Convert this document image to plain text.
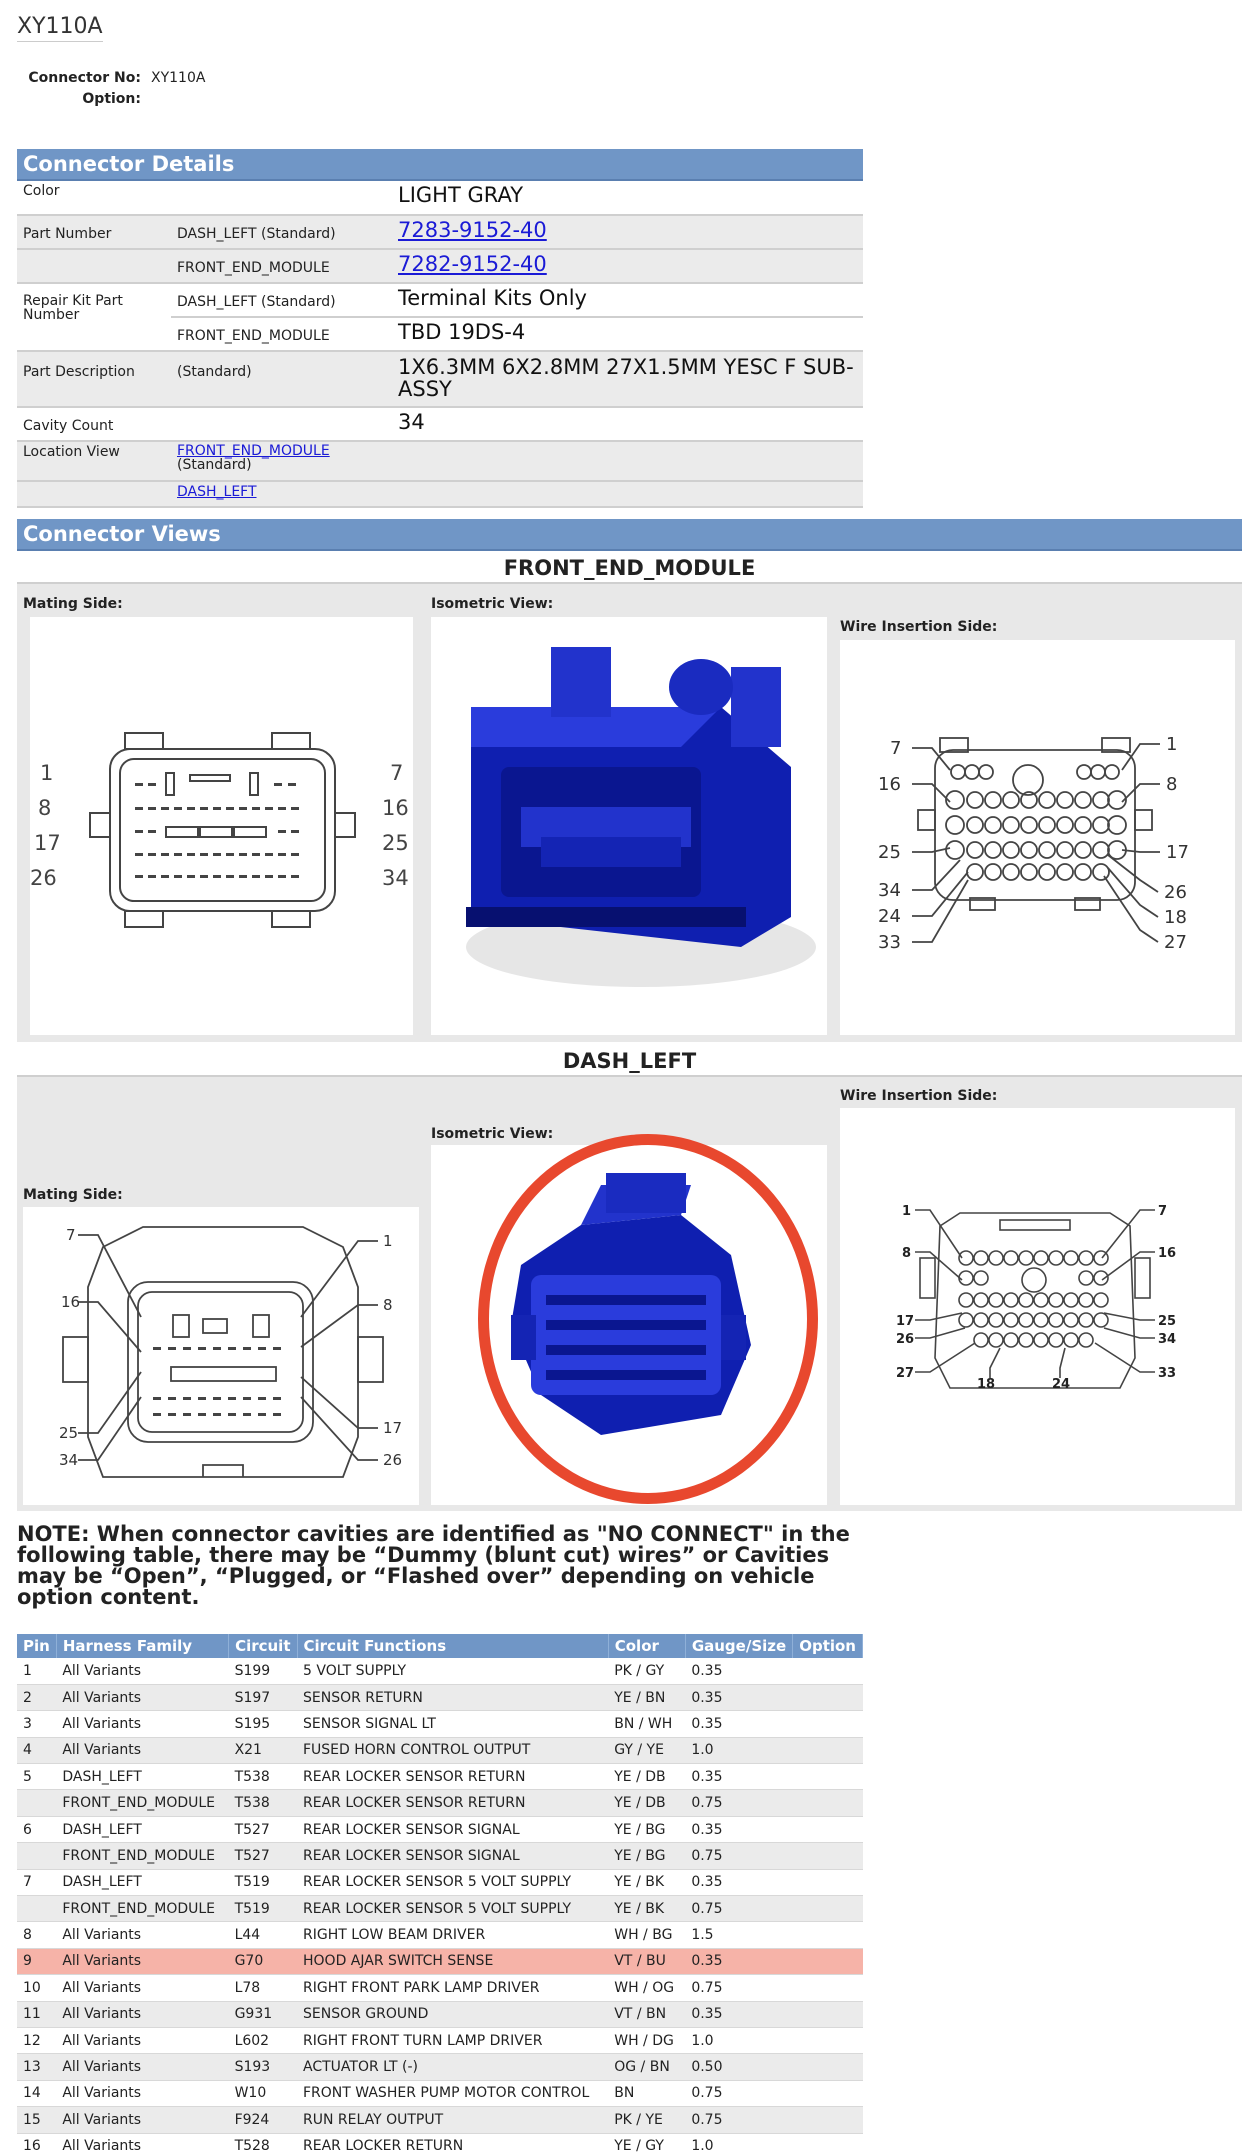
XY110A
Connector No: XY110A
Option:
Connector Details
Color		LIGHT GRAY
Part Number	DASH_LEFT (Standard)	7283-9152-40
	FRONT_END_MODULE	7282-9152-40
Repair Kit Part Number	DASH_LEFT (Standard)	Terminal Kits Only
	FRONT_END_MODULE	TBD 19DS-4
Part Description	(Standard)	1X6.3MM 6X2.8MM 27X1.5MM YESC F SUB-ASSY
Cavity Count		34
Location View	FRONT_END_MODULE
(Standard)	
	DASH_LEFT	
Connector Views
FRONT_END_MODULE
Mating Side:	Isometric View:
Wire Insertion Side:
1
8
17
26
7
16
25
34
7
16
25
34
24
33
1
8
17
26
18
27
DASH_LEFT
Mating Side:
Isometric View:
Wire Insertion Side:
7
16
25
34
1
8
17
26
1
8
17
26
27
18
7
16
25
34
33
24
NOTE: When connector cavities are identified as "NO CONNECT" in the following table, there may be “Dummy (blunt cut) wires” or Cavities may be “Open”, “Plugged, or “Flashed over” depending on vehicle option content.
Pin	Harness Family	Circuit	Circuit Functions	Color	Gauge/Size	Option
1	All Variants	S199	5 VOLT SUPPLY	PK / GY	0.35	
2	All Variants	S197	SENSOR RETURN	YE / BN	0.35	
3	All Variants	S195	SENSOR SIGNAL LT	BN / WH	0.35	
4	All Variants	X21	FUSED HORN CONTROL OUTPUT	GY / YE	1.0	
5	DASH_LEFT	T538	REAR LOCKER SENSOR RETURN	YE / DB	0.35	
	FRONT_END_MODULE	T538	REAR LOCKER SENSOR RETURN	YE / DB	0.75	
6	DASH_LEFT	T527	REAR LOCKER SENSOR SIGNAL	YE / BG	0.35	
	FRONT_END_MODULE	T527	REAR LOCKER SENSOR SIGNAL	YE / BG	0.75	
7	DASH_LEFT	T519	REAR LOCKER SENSOR 5 VOLT SUPPLY	YE / BK	0.35	
	FRONT_END_MODULE	T519	REAR LOCKER SENSOR 5 VOLT SUPPLY	YE / BK	0.75	
8	All Variants	L44	RIGHT LOW BEAM DRIVER	WH / BG	1.5	
9	All Variants	G70	HOOD AJAR SWITCH SENSE	VT / BU	0.35	
10	All Variants	L78	RIGHT FRONT PARK LAMP DRIVER	WH / OG	0.75	
11	All Variants	G931	SENSOR GROUND	VT / BN	0.35	
12	All Variants	L602	RIGHT FRONT TURN LAMP DRIVER	WH / DG	1.0	
13	All Variants	S193	ACTUATOR LT (-)	OG / BN	0.50	
14	All Variants	W10	FRONT WASHER PUMP MOTOR CONTROL	BN	0.75	
15	All Variants	F924	RUN RELAY OUTPUT	PK / YE	0.75	
16	All Variants	T528	REAR LOCKER RETURN	YE / GY	1.0	
